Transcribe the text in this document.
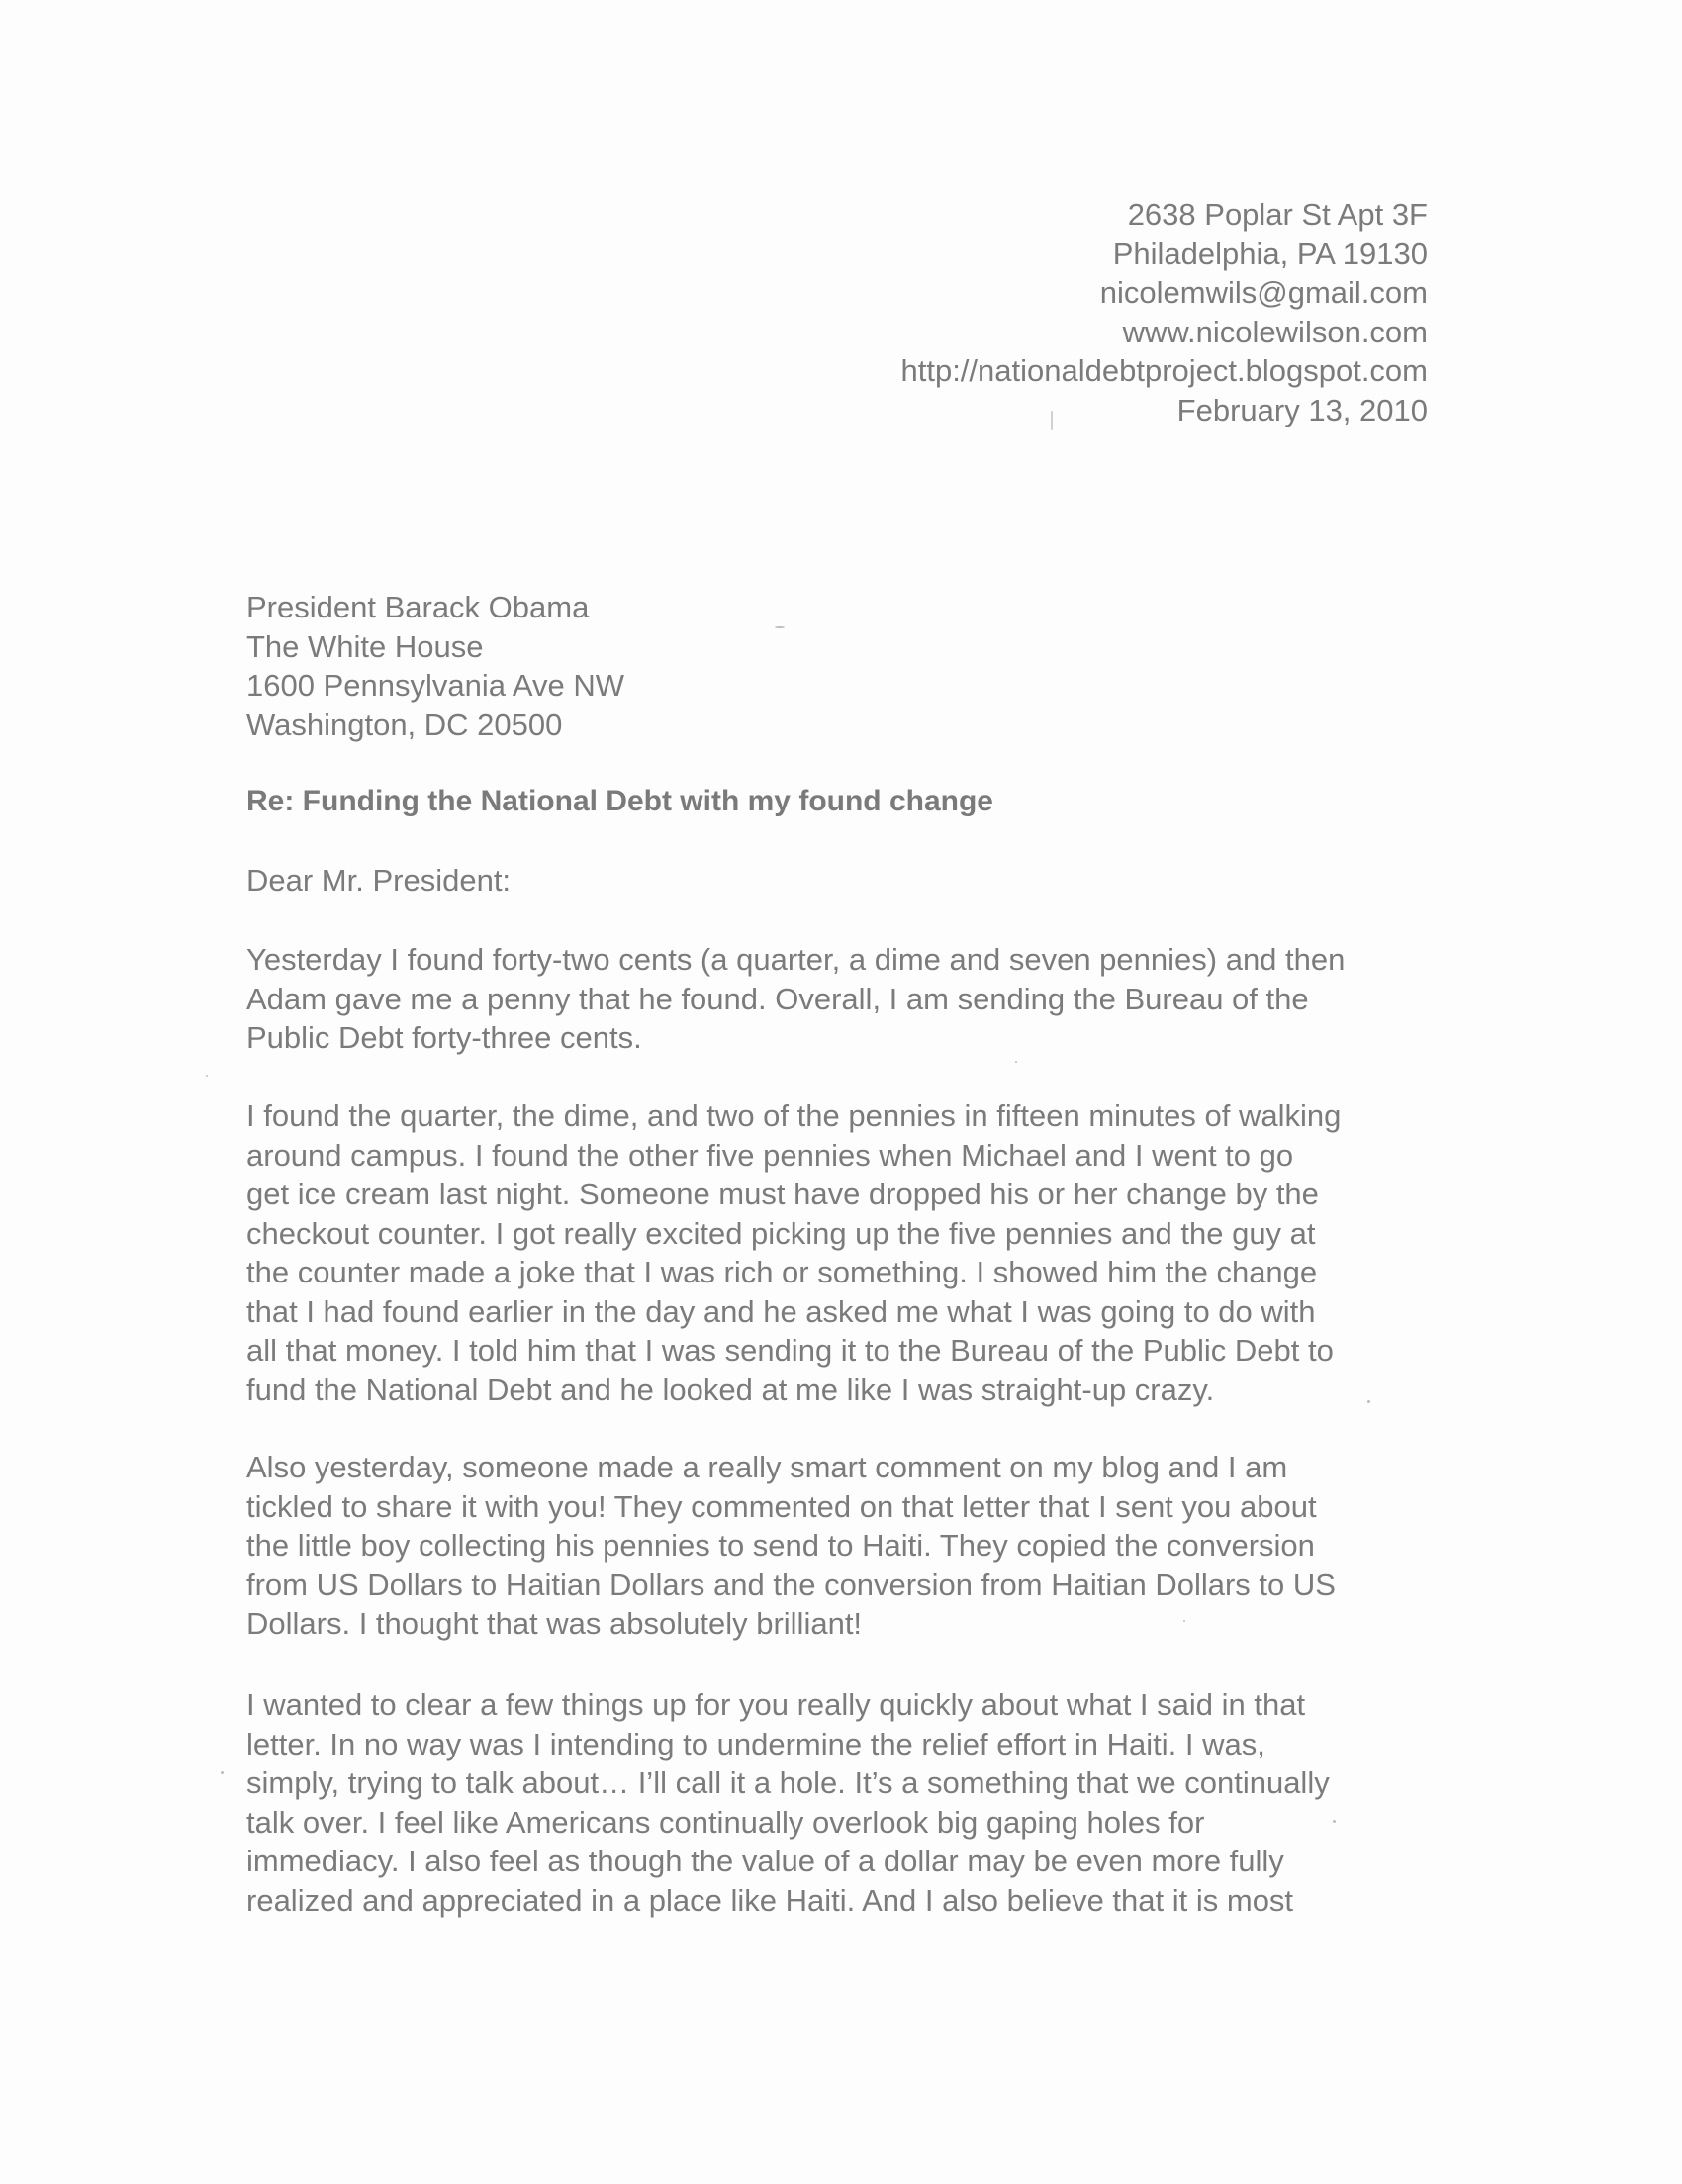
2638 Poplar St Apt 3F
Philadelphia, PA 19130
nicolemwils@gmail.com
www.nicolewilson.com
http://nationaldebtproject.blogspot.com
February 13, 2010
President Barack Obama
The White House
1600 Pennsylvania Ave NW
Washington, DC 20500
Re: Funding the National Debt with my found change
Dear Mr. President:
Yesterday I found forty-two cents (a quarter, a dime and seven pennies) and then
Adam gave me a penny that he found. Overall, I am sending the Bureau of the
Public Debt forty-three cents.
I found the quarter, the dime, and two of the pennies in fifteen minutes of walking
around campus. I found the other five pennies when Michael and I went to go
get ice cream last night. Someone must have dropped his or her change by the
checkout counter. I got really excited picking up the five pennies and the guy at
the counter made a joke that I was rich or something. I showed him the change
that I had found earlier in the day and he asked me what I was going to do with
all that money. I told him that I was sending it to the Bureau of the Public Debt to
fund the National Debt and he looked at me like I was straight-up crazy.
Also yesterday, someone made a really smart comment on my blog and I am
tickled to share it with you! They commented on that letter that I sent you about
the little boy collecting his pennies to send to Haiti. They copied the conversion
from US Dollars to Haitian Dollars and the conversion from Haitian Dollars to US
Dollars. I thought that was absolutely brilliant!
I wanted to clear a few things up for you really quickly about what I said in that
letter. In no way was I intending to undermine the relief effort in Haiti. I was,
simply, trying to talk about… I’ll call it a hole. It’s a something that we continually
talk over. I feel like Americans continually overlook big gaping holes for
immediacy. I also feel as though the value of a dollar may be even more fully
realized and appreciated in a place like Haiti. And I also believe that it is most
